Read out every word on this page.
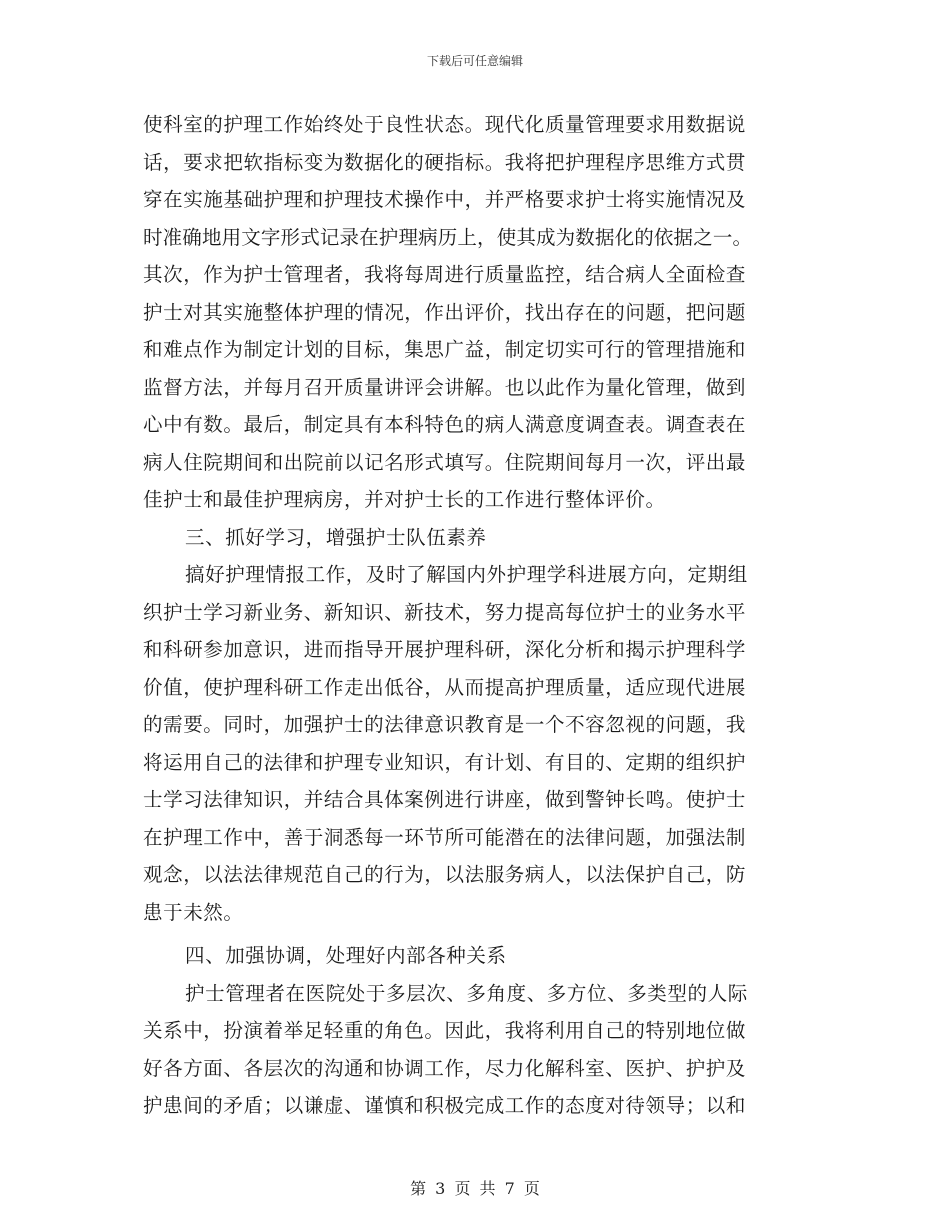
下载后可任意编辑
使科室的护理工作始终处于良性状态。现代化质量管理要求用数据说
话，要求把软指标变为数据化的硬指标。我将把护理程序思维方式贯
穿在实施基础护理和护理技术操作中，并严格要求护士将实施情况及
时准确地用文字形式记录在护理病历上，使其成为数据化的依据之一。
其次，作为护士管理者，我将每周进行质量监控，结合病人全面检查
护士对其实施整体护理的情况，作出评价，找出存在的问题，把问题
和难点作为制定计划的目标，集思广益，制定切实可行的管理措施和
监督方法，并每月召开质量讲评会讲解。也以此作为量化管理，做到
心中有数。最后，制定具有本科特色的病人满意度调查表。调查表在
病人住院期间和出院前以记名形式填写。住院期间每月一次，评出最
佳护士和最佳护理病房，并对护士长的工作进行整体评价。
三、抓好学习，增强护士队伍素养
搞好护理情报工作，及时了解国内外护理学科进展方向，定期组
织护士学习新业务、新知识、新技术，努力提高每位护士的业务水平
和科研参加意识，进而指导开展护理科研，深化分析和揭示护理科学
价值，使护理科研工作走出低谷，从而提高护理质量，适应现代进展
的需要。同时，加强护士的法律意识教育是一个不容忽视的问题，我
将运用自己的法律和护理专业知识，有计划、有目的、定期的组织护
士学习法律知识，并结合具体案例进行讲座，做到警钟长鸣。使护士
在护理工作中，善于洞悉每一环节所可能潜在的法律问题，加强法制
观念，以法法律规范自己的行为，以法服务病人，以法保护自己，防
患于未然。
四、加强协调，处理好内部各种关系
护士管理者在医院处于多层次、多角度、多方位、多类型的人际
关系中，扮演着举足轻重的角色。因此，我将利用自己的特别地位做
好各方面、各层次的沟通和协调工作，尽力化解科室、医护、护护及
护患间的矛盾；以谦虚、谨慎和积极完成工作的态度对待领导；以和
第 3 页 共 7 页
